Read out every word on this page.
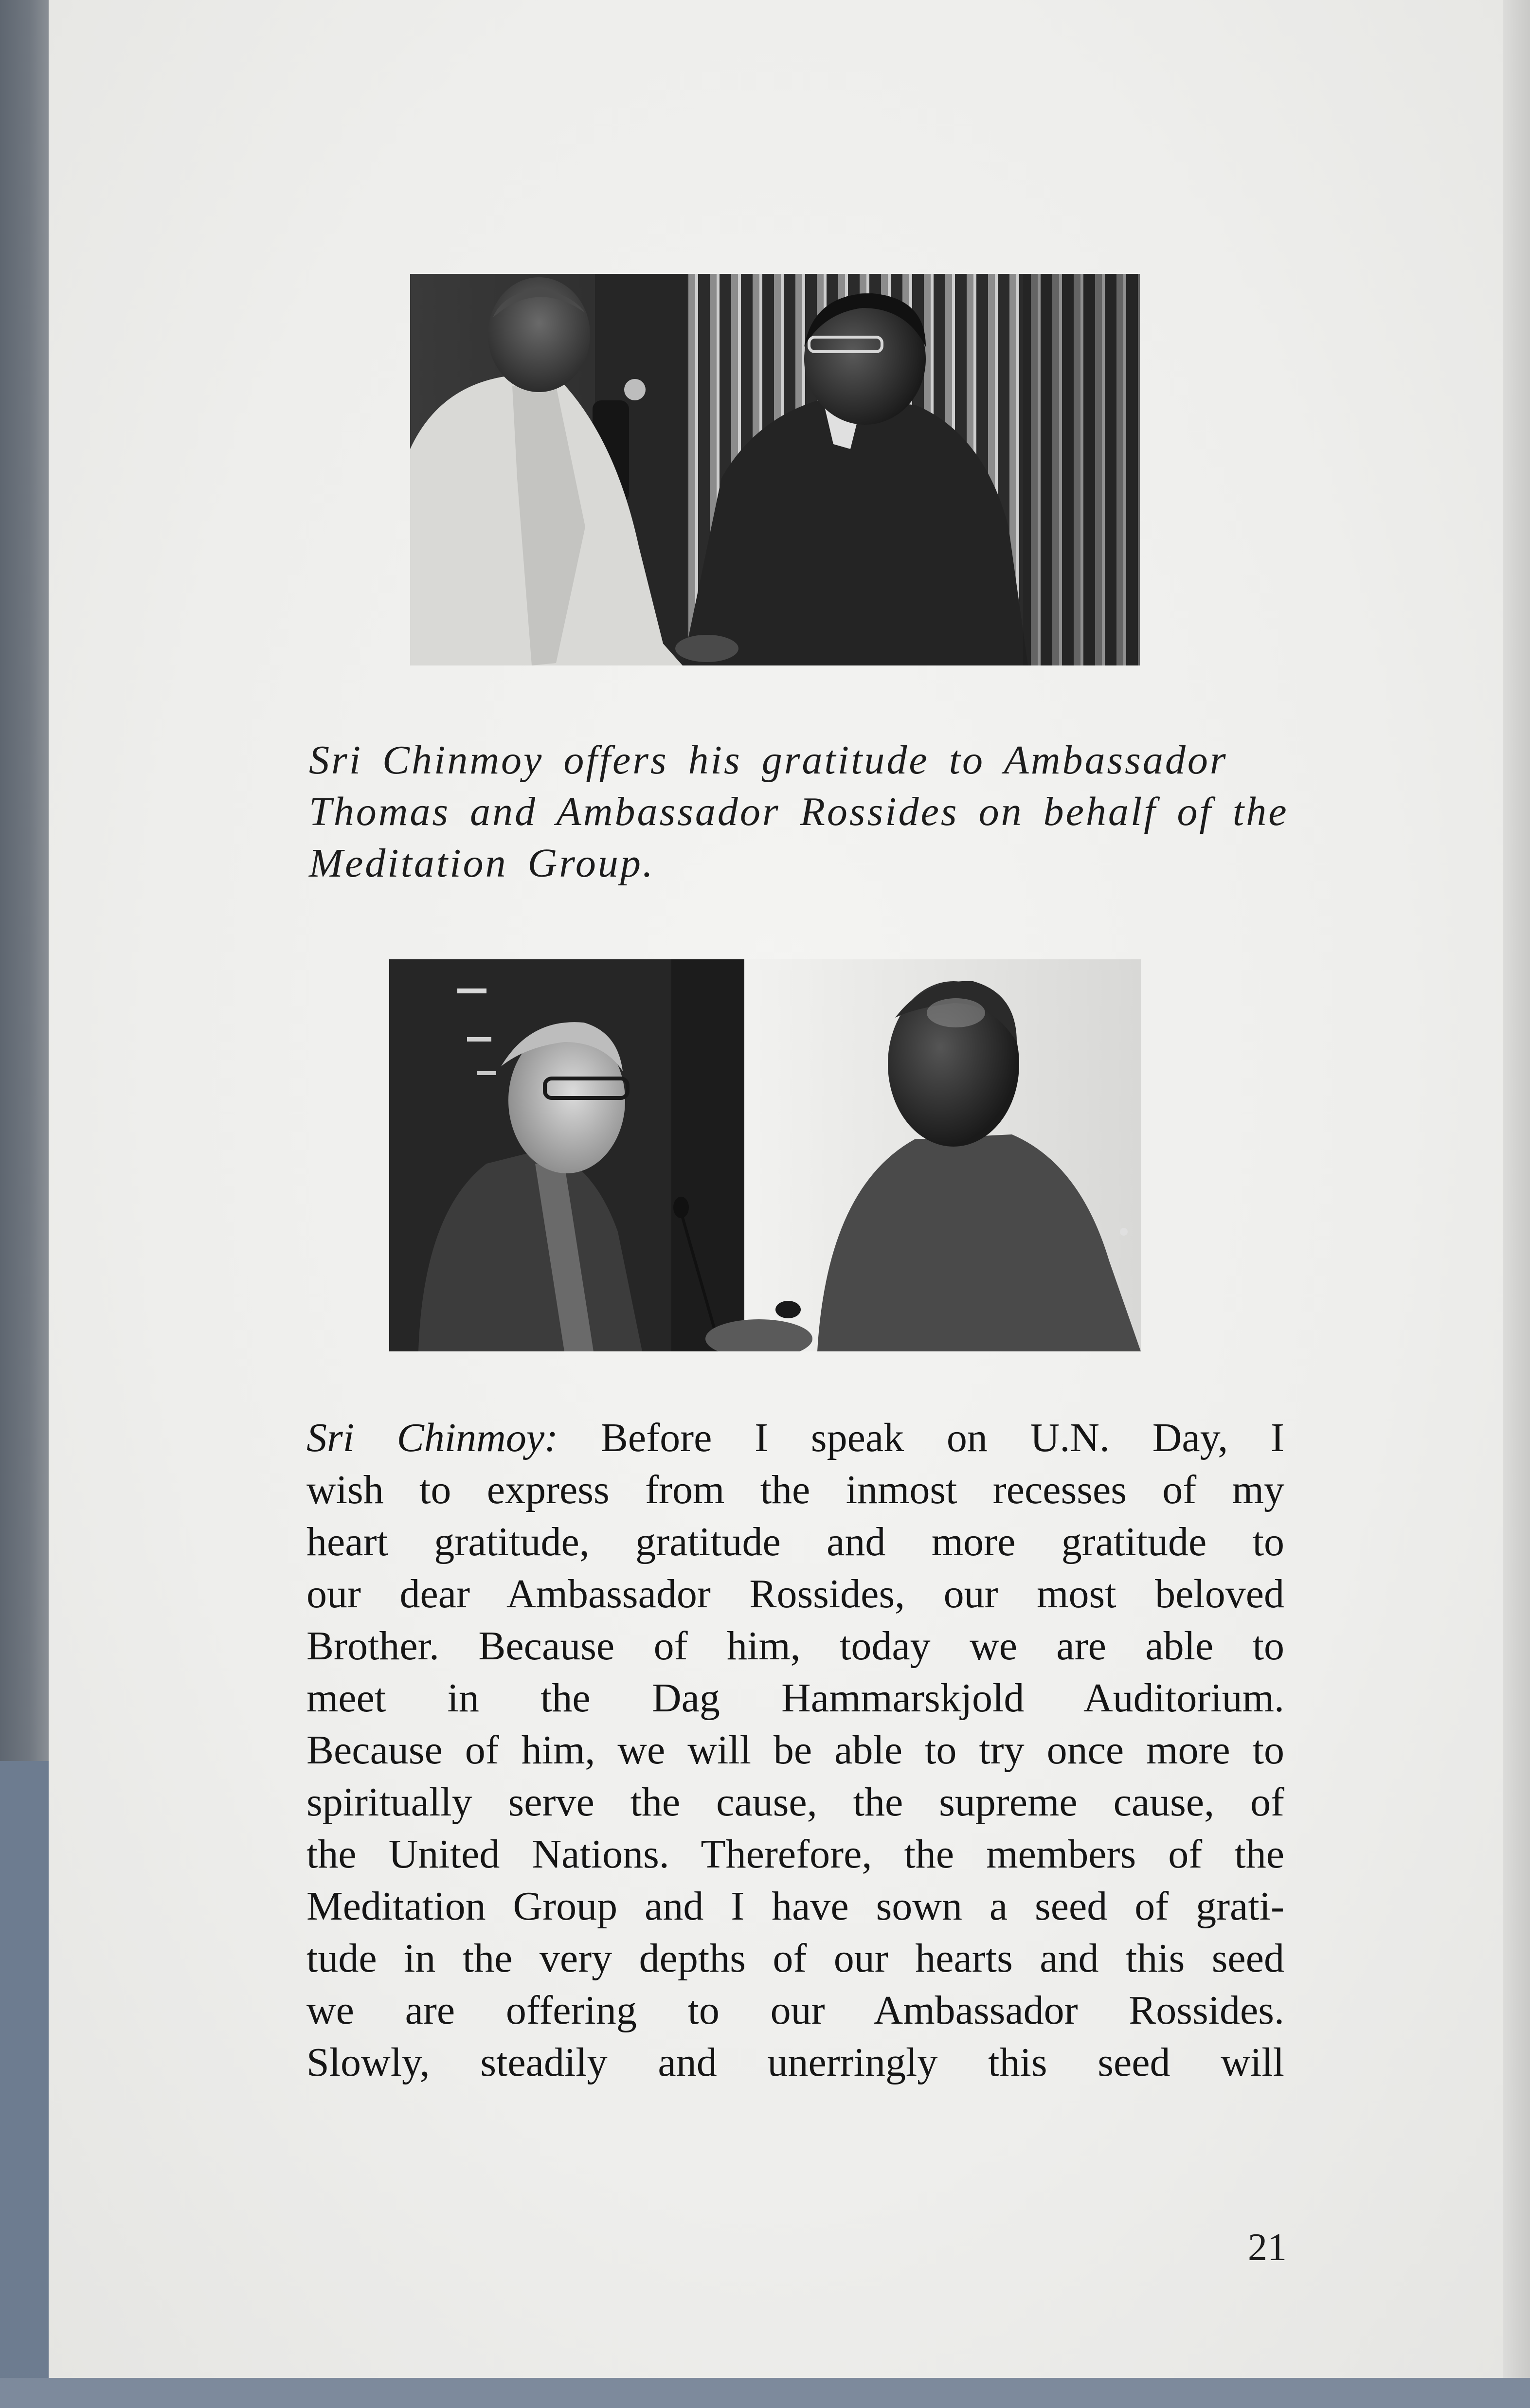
Sri Chinmoy offers his gratitude to Ambassador
Thomas and Ambassador Rossides on behalf of the
Meditation Group.
Sri Chinmoy: Before I speak on U.N. Day, I
wish to express from the inmost recesses of my
heart gratitude, gratitude and more gratitude to
our dear Ambassador Rossides, our most beloved
Brother. Because of him, today we are able to
meet in the Dag Hammarskjold Auditorium.
Because of him, we will be able to try once more to
spiritually serve the cause, the supreme cause, of
the United Nations. Therefore, the members of the
Meditation Group and I have sown a seed of grati-
tude in the very depths of our hearts and this seed
we are offering to our Ambassador Rossides.
Slowly, steadily and unerringly this seed will
21
